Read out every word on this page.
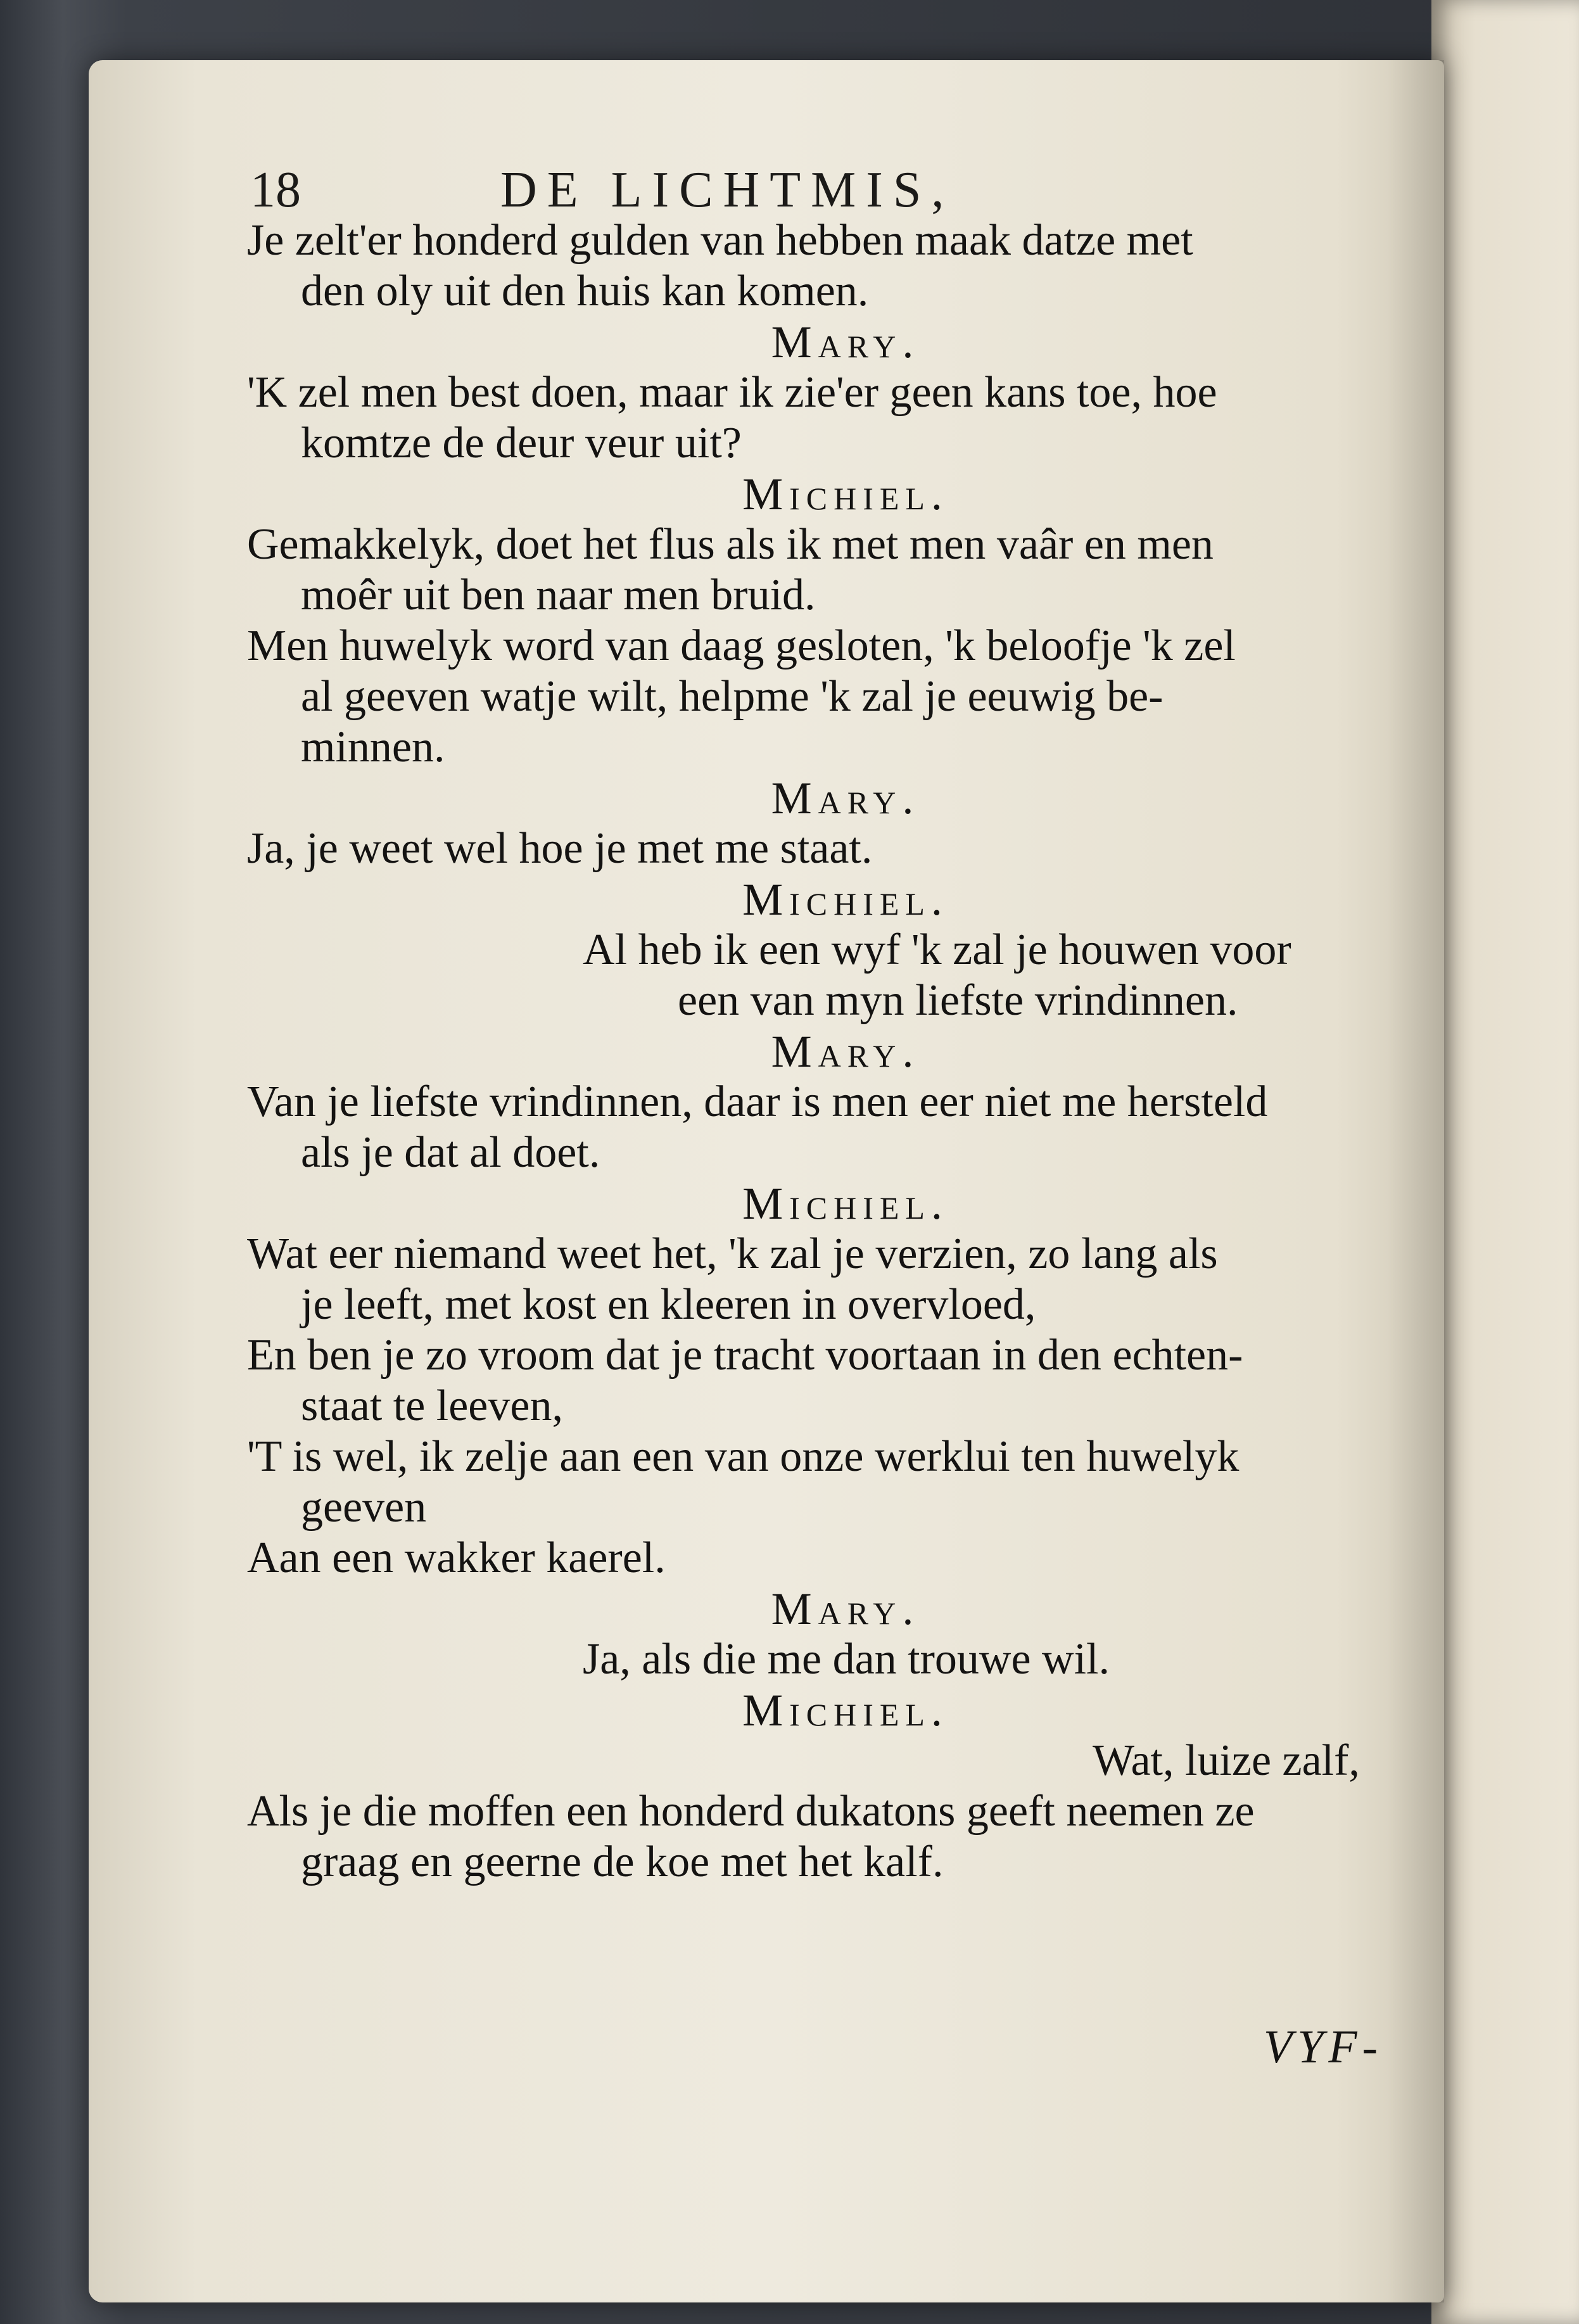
18	DE LICHTMIS,
Je zelt'er honderd gulden van hebben maak datze met
den oly uit den huis kan komen.
Mary.
'K zel men best doen, maar ik zie'er geen kans toe, hoe
komtze de deur veur uit?
Michiel.
Gemakkelyk, doet het flus als ik met men vaâr en men
moêr uit ben naar men bruid.
Men huwelyk word van daag gesloten, 'k beloofje 'k zel
al geeven watje wilt, helpme 'k zal je eeuwig be-
minnen.
Mary.
Ja, je weet wel hoe je met me staat.
Michiel.
Al heb ik een wyf 'k zal je houwen voor
een van myn liefste vrindinnen.
Mary.
Van je liefste vrindinnen, daar is men eer niet me hersteld
als je dat al doet.
Michiel.
Wat eer niemand weet het, 'k zal je verzien, zo lang als
je leeft, met kost en kleeren in overvloed,
En ben je zo vroom dat je tracht voortaan in den echten-
staat te leeven,
'T is wel, ik zelje aan een van onze werklui ten huwelyk
geeven
Aan een wakker kaerel.
Mary.
Ja, als die me dan trouwe wil.
Michiel.
Wat, luize zalf,
Als je die moffen een honderd dukatons geeft neemen ze
graag en geerne de koe met het kalf.
VYF-
